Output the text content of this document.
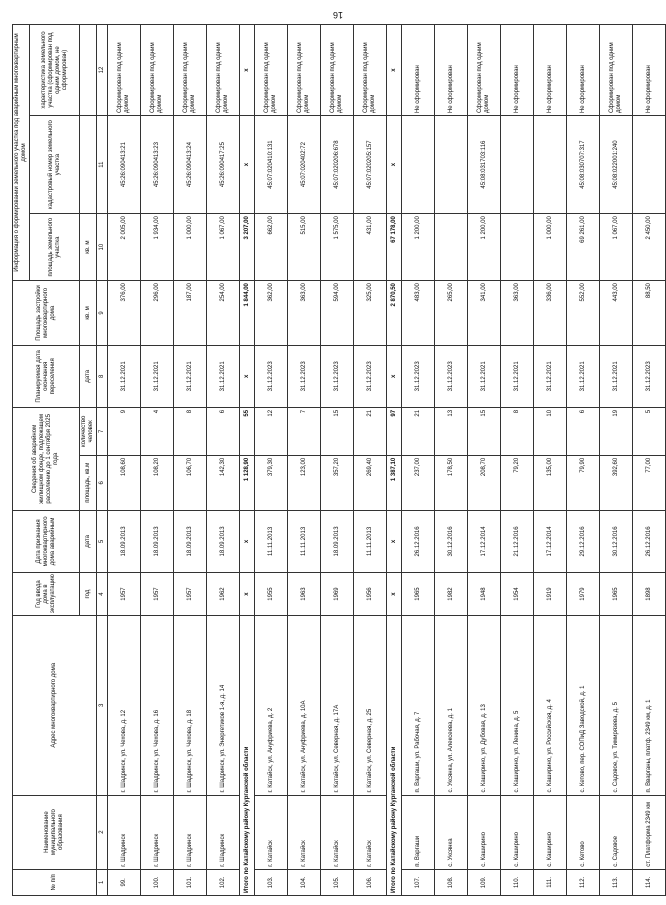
16
№ п/п	Наименование муниципального образования	Адрес многоквартирного дома	Год ввода дома в эксплуатацию	Дата признания многоквартирного дома аварийным	Сведения об аварийном жилищном фонде, подлежащем расселению до 1 сентября 2025 года		Планируемая дата окончания переселения	Площадь застройки многоквартирного дома	Информация о формировании земельного участка под аварийным многоквартирным домом		
									площадь земельного участка	кадастровый номер земельного участка	характеристика земельного участка (сформирован под одним домом, не сформирован)
			год	дата	площадь, кв.м	количество человек	дата	кв. м	кв. м		
1	2	3	4	5	6	7	8	9	10	11	12
99.	г. Шадринск	г. Шадринск, ул. Чехова, д. 12	1957	18.09.2013	108,60	9	31.12.2021	376,00	2 005,00	45:26:090413:21	Сформирован под одним домом
100.	г. Шадринск	г. Шадринск, ул. Чехова, д. 16	1957	18.09.2013	108,20	4	31.12.2021	296,00	1 934,00	45:26:090413:23	Сформирован под одним домом
101.	г. Шадринск	г. Шадринск, ул. Чехова, д. 18	1957	18.09.2013	106,70	8	31.12.2021	187,00	1 000,00	45:26:090413:24	Сформирован под одним домом
102.	г. Шадринск	г. Шадринск, ул. Энергетиков 1-я, д. 14	1962	18.09.2013	142,30	6	31.12.2021	254,00	1 067,00	45:26:090417:25	Сформирован под одним домом
Итого по Катайскому району Курганской области			х	х	1 128,90	55	х	1 844,00	3 207,00	х	х
103.	г. Катайск	г. Катайск, ул. Ануфриева, д. 2	1955	11.11.2013	379,30	12	31.12.2023	362,00	662,00	45:07:020410:131	Сформирован под одним домом
104.	г. Катайск	г. Катайск, ул. Ануфриева, д. 10А	1963	11.11.2013	123,00	7	31.12.2023	363,00	515,00	45:07:020402:72	Сформирован под одним домом
105.	г. Катайск	г. Катайск, ул. Северная, д. 17А	1969	18.09.2013	357,20	15	31.12.2023	594,00	1 575,00	45:07:020206:678	Сформирован под одним домом
106.	г. Катайск	г. Катайск, ул. Северная, д. 25	1956	11.11.2013	269,40	21	31.12.2023	325,00	431,00	45:07:020205:157	Сформирован под одним домом
Итого по Катайскому району Курганской области			х	х	1 387,10	97	х	2 870,50	67 178,00	х	х
107.	п. Варгаши	п. Варгаши, ул. Рабочая, д. 7	1965	26.12.2016	237,00	21	31.12.2023	483,00	1 200,00		Не сформирован
108.	с. Уксянка	с. Уксянка, ул. Алексеева, д. 1	1982	30.12.2016	178,50	13	31.12.2023	265,00			Не сформирован
109.	с. Каширино	с. Каширино, ул. Дубовая, д. 13	1948	17.12.2014	208,70	15	31.12.2021	341,00	1 200,00	45:08:031703:116	Сформирован под одним домом
110.	с. Каширино	с. Каширино, ул. Ленина, д. 5	1954	21.12.2016	79,20	8	31.12.2021	363,00			Не сформирован
111.	с. Каширино	с. Каширино, ул. Российская, д. 4	1919	17.12.2014	135,00	10	31.12.2021	336,00	1 000,00		Не сформирован
112.	с. Кетово	с. Кетово, пер. СОПиД Заводской, д. 1	1979	29.12.2016	79,90	6	31.12.2021	552,00	69 261,00	45:08:030707:317	Не сформирован
113.	с. Садовое	с. Садовое, ул. Тимирязева, д. 5	1965	30.12.2016	392,60	19	31.12.2021	443,00	1 067,00	45:08:022001:240	Сформирован под одним домом
114.	ст. Платформа 2349 км	п. Вварганы, платф. 2349 км, д. 1	1898	26.12.2016	77,00	5	31.12.2023	88,50	2 450,00		Не сформирован
